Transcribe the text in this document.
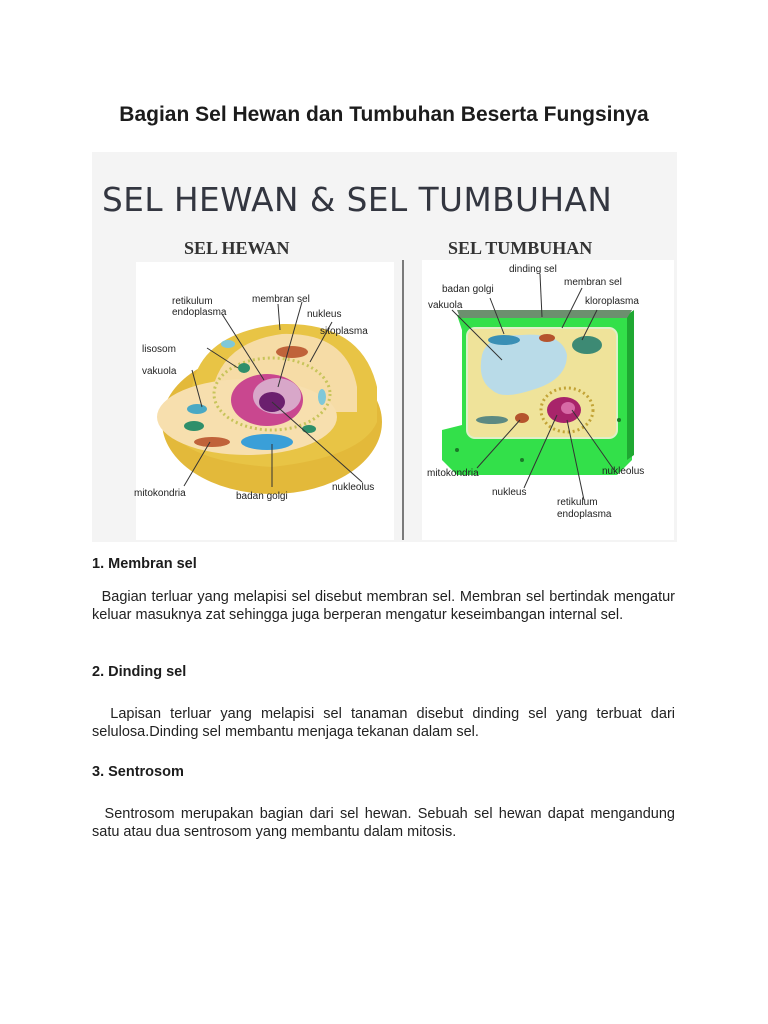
Bagian Sel Hewan dan Tumbuhan Beserta Fungsinya
SEL HEWAN & SEL TUMBUHAN
SEL HEWAN	SEL TUMBUHAN
membran sel
retikulum
endoplasma	nukleus
sitoplasma
lisosom
vakuola
nukleolus
mitokondria	badan golgi
dinding sel
badan golgi
membran sel
vakuola	kloroplasma
mitokondria	nukleolus
nukleus
retikulum
endoplasma
1. Membran sel

Bagian terluar yang melapisi sel disebut membran sel. Membran sel bertindak mengatur keluar masuknya zat sehingga juga berperan mengatur keseimbangan internal sel.

2. Dinding sel

Lapisan terluar yang melapisi sel tanaman disebut dinding sel yang terbuat dari selulosa.Dinding sel membantu menjaga tekanan dalam sel.

3. Sentrosom

Sentrosom merupakan bagian dari sel hewan. Sebuah sel hewan dapat mengandung satu atau dua sentrosom yang membantu dalam mitosis.
